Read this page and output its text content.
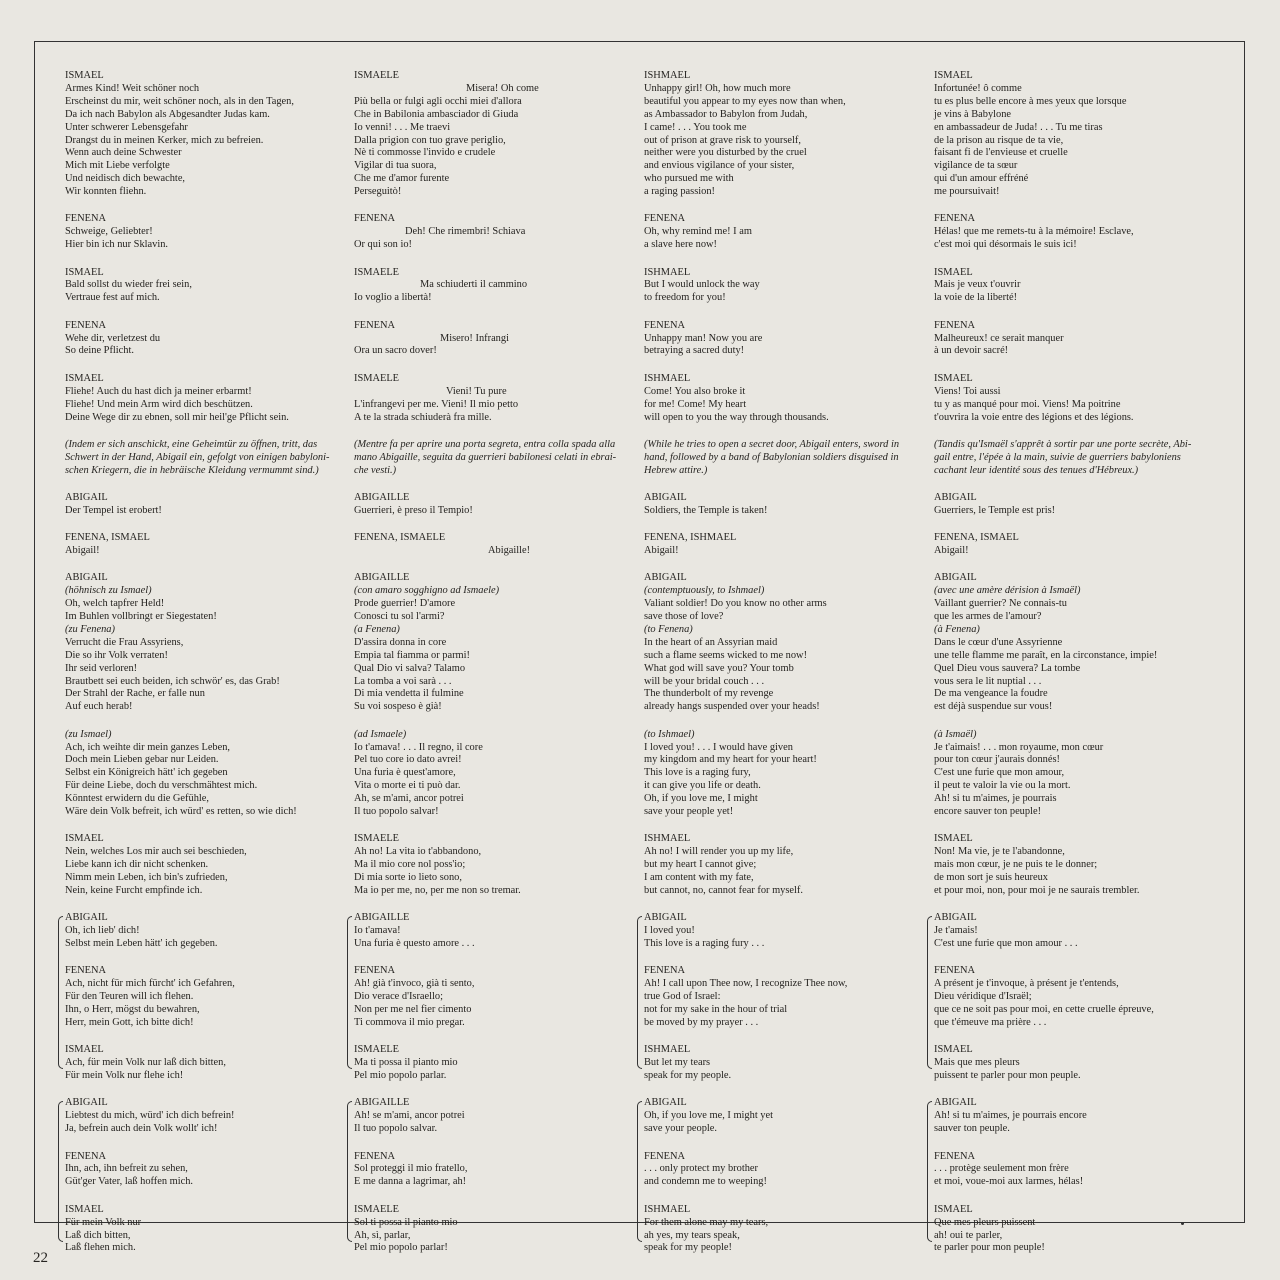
ISMAEL
Armes Kind! Weit schöner noch
Erscheinst du mir, weit schöner noch, als in den Tagen,
Da ich nach Babylon als Abgesandter Judas kam.
Unter schwerer Lebensgefahr
Drangst du in meinen Kerker, mich zu befreien.
Wenn auch deine Schwester
Mich mit Liebe verfolgte
Und neidisch dich bewachte,
Wir konnten fliehn.
FENENA
Schweige, Geliebter!
Hier bin ich nur Sklavin.
ISMAEL
Bald sollst du wieder frei sein,
Vertraue fest auf mich.
FENENA
Wehe dir, verletzest du
So deine Pflicht.
ISMAEL
Fliehe! Auch du hast dich ja meiner erbarmt!
Fliehe! Und mein Arm wird dich beschützen.
Deine Wege dir zu ebnen, soll mir heil'ge Pflicht sein.
(Indem er sich anschickt, eine Geheimtür zu öffnen, tritt, das
Schwert in der Hand, Abigail ein, gefolgt von einigen babyloni-
schen Kriegern, die in hebräische Kleidung vermummt sind.)
ABIGAIL
Der Tempel ist erobert!
FENENA, ISMAEL
Abigail!
ABIGAIL
(höhnisch zu Ismael)
Oh, welch tapfrer Held!
Im Buhlen vollbringt er Siegestaten!
(zu Fenena)
Verrucht die Frau Assyriens,
Die so ihr Volk verraten!
Ihr seid verloren!
Brautbett sei euch beiden, ich schwör' es, das Grab!
Der Strahl der Rache, er falle nun
Auf euch herab!
(zu Ismael)
Ach, ich weihte dir mein ganzes Leben,
Doch mein Lieben gebar nur Leiden.
Selbst ein Königreich hätt' ich gegeben
Für deine Liebe, doch du verschmähtest mich.
Könntest erwidern du die Gefühle,
Wäre dein Volk befreit, ich würd' es retten, so wie dich!
ISMAEL
Nein, welches Los mir auch sei beschieden,
Liebe kann ich dir nicht schenken.
Nimm mein Leben, ich bin's zufrieden,
Nein, keine Furcht empfinde ich.
ABIGAIL
Oh, ich lieb' dich!
Selbst mein Leben hätt' ich gegeben.
FENENA
Ach, nicht für mich fürcht' ich Gefahren,
Für den Teuren will ich flehen.
Ihn, o Herr, mögst du bewahren,
Herr, mein Gott, ich bitte dich!
ISMAEL
Ach, für mein Volk nur laß dich bitten,
Für mein Volk nur flehe ich!
ABIGAIL
Liebtest du mich, würd' ich dich befrein!
Ja, befrein auch dein Volk wollt' ich!
FENENA
Ihn, ach, ihn befreit zu sehen,
Güt'ger Vater, laß hoffen mich.
ISMAEL
Für mein Volk nur
Laß dich bitten,
Laß flehen mich.
ISMAELE
Misera! Oh come
Più bella or fulgi agli occhi miei d'allora
Che in Babilonia ambasciador di Giuda
Io venni! . . . Me traevi
Dalla prigion con tuo grave periglio,
Nè ti commosse l'invido e crudele
Vigilar di tua suora,
Che me d'amor furente
Perseguitò!
FENENA
Deh! Che rimembri! Schiava
Or qui son io!
ISMAELE
Ma schiuderti il cammino
Io voglio a libertà!
FENENA
Misero! Infrangi
Ora un sacro dover!
ISMAELE
Vieni! Tu pure
L'infrangevi per me. Vieni! Il mio petto
A te la strada schiuderà fra mille.
(Mentre fa per aprire una porta segreta, entra colla spada alla
mano Abigaille, seguita da guerrieri babilonesi celati in ebrai-
che vesti.)
ABIGAILLE
Guerrieri, è preso il Tempio!
FENENA, ISMAELE
Abigaille!
ABIGAILLE
(con amaro sogghigno ad Ismaele)
Prode guerrier! D'amore
Conosci tu sol l'armi?
(a Fenena)
D'assira donna in core
Empia tal fiamma or parmi!
Qual Dio vi salva? Talamo
La tomba a voi sarà . . .
Di mia vendetta il fulmine
Su voi sospeso è già!
(ad Ismaele)
Io t'amava! . . . Il regno, il core
Pel tuo core io dato avrei!
Una furia è quest'amore,
Vita o morte ei ti può dar.
Ah, se m'ami, ancor potrei
Il tuo popolo salvar!
ISMAELE
Ah no! La vita io t'abbandono,
Ma il mio core nol poss'io;
Di mia sorte io lieto sono,
Ma io per me, no, per me non so tremar.
ABIGAILLE
Io t'amava!
Una furia è questo amore . . .
FENENA
Ah! già t'invoco, già ti sento,
Dio verace d'Israello;
Non per me nel fier cimento
Ti commova il mio pregar.
ISMAELE
Ma ti possa il pianto mio
Pel mio popolo parlar.
ABIGAILLE
Ah! se m'ami, ancor potrei
Il tuo popolo salvar.
FENENA
Sol proteggi il mio fratello,
E me danna a lagrimar, ah!
ISMAELE
Sol ti possa il pianto mio
Ah, sì, parlar,
Pel mio popolo parlar!
ISHMAEL
Unhappy girl! Oh, how much more
beautiful you appear to my eyes now than when,
as Ambassador to Babylon from Judah,
I came! . . . You took me
out of prison at grave risk to yourself,
neither were you disturbed by the cruel
and envious vigilance of your sister,
who pursued me with
a raging passion!
FENENA
Oh, why remind me! I am
a slave here now!
ISHMAEL
But I would unlock the way
to freedom for you!
FENENA
Unhappy man! Now you are
betraying a sacred duty!
ISHMAEL
Come! You also broke it
for me! Come! My heart
will open to you the way through thousands.
(While he tries to open a secret door, Abigail enters, sword in
hand, followed by a band of Babylonian soldiers disguised in
Hebrew attire.)
ABIGAIL
Soldiers, the Temple is taken!
FENENA, ISHMAEL
Abigail!
ABIGAIL
(contemptuously, to Ishmael)
Valiant soldier! Do you know no other arms
save those of love?
(to Fenena)
In the heart of an Assyrian maid
such a flame seems wicked to me now!
What god will save you? Your tomb
will be your bridal couch . . .
The thunderbolt of my revenge
already hangs suspended over your heads!
(to Ishmael)
I loved you! . . . I would have given
my kingdom and my heart for your heart!
This love is a raging fury,
it can give you life or death.
Oh, if you love me, I might
save your people yet!
ISHMAEL
Ah no! I will render you up my life,
but my heart I cannot give;
I am content with my fate,
but cannot, no, cannot fear for myself.
ABIGAIL
I loved you!
This love is a raging fury . . .
FENENA
Ah! I call upon Thee now, I recognize Thee now,
true God of Israel:
not for my sake in the hour of trial
be moved by my prayer . . .
ISHMAEL
But let my tears
speak for my people.
ABIGAIL
Oh, if you love me, I might yet
save your people.
FENENA
. . . only protect my brother
and condemn me to weeping!
ISHMAEL
For them alone may my tears,
ah yes, my tears speak,
speak for my people!
ISMAEL
Infortunée! ô comme
tu es plus belle encore à mes yeux que lorsque
je vins à Babylone
en ambassadeur de Juda! . . . Tu me tiras
de la prison au risque de ta vie,
faisant fi de l'envieuse et cruelle
vigilance de ta sœur
qui d'un amour effréné
me poursuivait!
FENENA
Hélas! que me remets-tu à la mémoire! Esclave,
c'est moi qui désormais le suis ici!
ISMAEL
Mais je veux t'ouvrir
la voie de la liberté!
FENENA
Malheureux! ce serait manquer
à un devoir sacré!
ISMAEL
Viens! Toi aussi
tu y as manqué pour moi. Viens! Ma poitrine
t'ouvrira la voie entre des légions et des légions.
(Tandis qu'Ismaël s'apprêt à sortir par une porte secrète, Abi-
gail entre, l'épée à la main, suivie de guerriers babyloniens
cachant leur identité sous des tenues d'Hébreux.)
ABIGAIL
Guerriers, le Temple est pris!
FENENA, ISMAEL
Abigail!
ABIGAIL
(avec une amère dérision à Ismaël)
Vaillant guerrier? Ne connais-tu
que les armes de l'amour?
(à Fenena)
Dans le cœur d'une Assyrienne
une telle flamme me paraît, en la circonstance, impie!
Quel Dieu vous sauvera? La tombe
vous sera le lit nuptial . . .
De ma vengeance la foudre
est déjà suspendue sur vous!
(à Ismaël)
Je t'aimais! . . . mon royaume, mon cœur
pour ton cœur j'aurais donnés!
C'est une furie que mon amour,
il peut te valoir la vie ou la mort.
Ah! si tu m'aimes, je pourrais
encore sauver ton peuple!
ISMAEL
Non! Ma vie, je te l'abandonne,
mais mon cœur, je ne puis te le donner;
de mon sort je suis heureux
et pour moi, non, pour moi je ne saurais trembler.
ABIGAIL
Je t'amais!
C'est une furie que mon amour . . .
FENENA
A présent je t'invoque, à présent je t'entends,
Dieu véridique d'Israël;
que ce ne soit pas pour moi, en cette cruelle épreuve,
que t'émeuve ma prière . . .
ISMAEL
Mais que mes pleurs
puissent te parler pour mon peuple.
ABIGAIL
Ah! si tu m'aimes, je pourrais encore
sauver ton peuple.
FENENA
. . . protège seulement mon frère
et moi, voue-moi aux larmes, hélas!
ISMAEL
Que mes pleurs puissent
ah! oui te parler,
te parler pour mon peuple!
22
